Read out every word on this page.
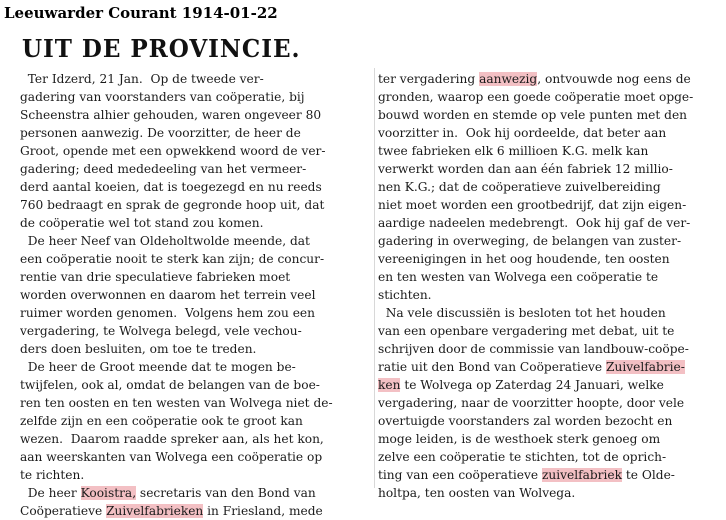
Leeuwarder Courant 1914-01-22
UIT DE PROVINCIE.
Ter Idzerd, 21 Jan.  Op de tweede ver-
gadering van voorstanders van coöperatie, bij
Scheenstra alhier gehouden, waren ongeveer 80
personen aanwezig. De voorzitter, de heer de
Groot, opende met een opwekkend woord de ver-
gadering; deed mededeeling van het vermeer-
derd aantal koeien, dat is toegezegd en nu reeds
760 bedraagt en sprak de gegronde hoop uit, dat
de coöperatie wel tot stand zou komen.
De heer Neef van Oldeholtwolde meende, dat
een coöperatie nooit te sterk kan zijn; de concur-
rentie van drie speculatieve fabrieken moet
worden overwonnen en daarom het terrein veel
ruimer worden genomen.  Volgens hem zou een
vergadering, te Wolvega belegd, vele vechou-
ders doen besluiten, om toe te treden.
De heer de Groot meende dat te mogen be-
twijfelen, ook al, omdat de belangen van de boe-
ren ten oosten en ten westen van Wolvega niet de-
zelfde zijn en een coöperatie ook te groot kan
wezen.  Daarom raadde spreker aan, als het kon,
aan weerskanten van Wolvega een coöperatie op
te richten.
De heer Kooistra, secretaris van den Bond van
Coöperatieve Zuivelfabrieken in Friesland, mede
ter vergadering aanwezig, ontvouwde nog eens de
gronden, waarop een goede coöperatie moet opge-
bouwd worden en stemde op vele punten met den
voorzitter in.  Ook hij oordeelde, dat beter aan
twee fabrieken elk 6 millioen K.G. melk kan
verwerkt worden dan aan één fabriek 12 millio-
nen K.G.; dat de coöperatieve zuivelbereiding
niet moet worden een grootbedrijf, dat zijn eigen-
aardige nadeelen medebrengt.  Ook hij gaf de ver-
gadering in overweging, de belangen van zuster-
vereenigingen in het oog houdende, ten oosten
en ten westen van Wolvega een coöperatie te
stichten.
Na vele discussiën is besloten tot het houden
van een openbare vergadering met debat, uit te
schrijven door de commissie van landbouw-coöpe-
ratie uit den Bond van Coöperatieve Zuivelfabrie-
ken te Wolvega op Zaterdag 24 Januari, welke
vergadering, naar de voorzitter hoopte, door vele
overtuigde voorstanders zal worden bezocht en
moge leiden, is de westhoek sterk genoeg om
zelve een coöperatie te stichten, tot de oprich-
ting van een coöperatieve zuivelfabriek te Olde-
holtpa, ten oosten van Wolvega.
